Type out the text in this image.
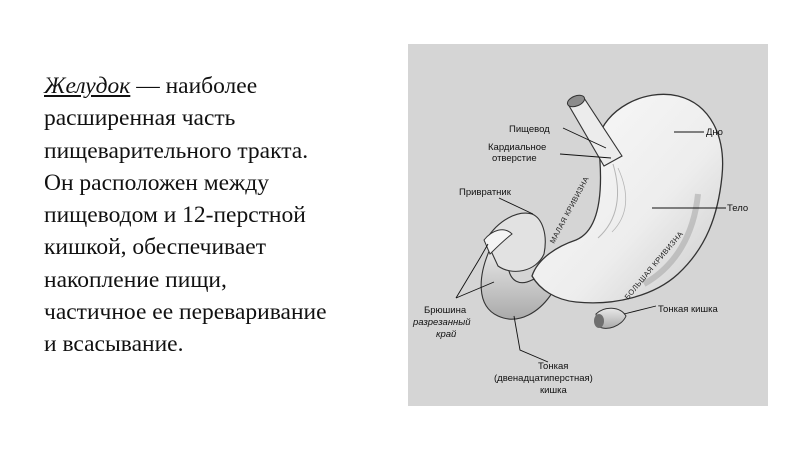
Желудок — наиболее
расширенная часть
пищеварительного тракта.
Он расположен между
пищеводом и 12-перстной
кишкой, обеспечивает
накопление пищи,
частичное ее переваривание
и всасывание.
МАЛАЯ КРИВИЗНА
БОЛЬШАЯ КРИВИЗНА
Пищевод
Кардиальное
отверстие
Дно
Привратник
Тело
Тонкая кишка
Брюшина
разрезанный
край
Тонкая
(двенадцатиперстная)
кишка
